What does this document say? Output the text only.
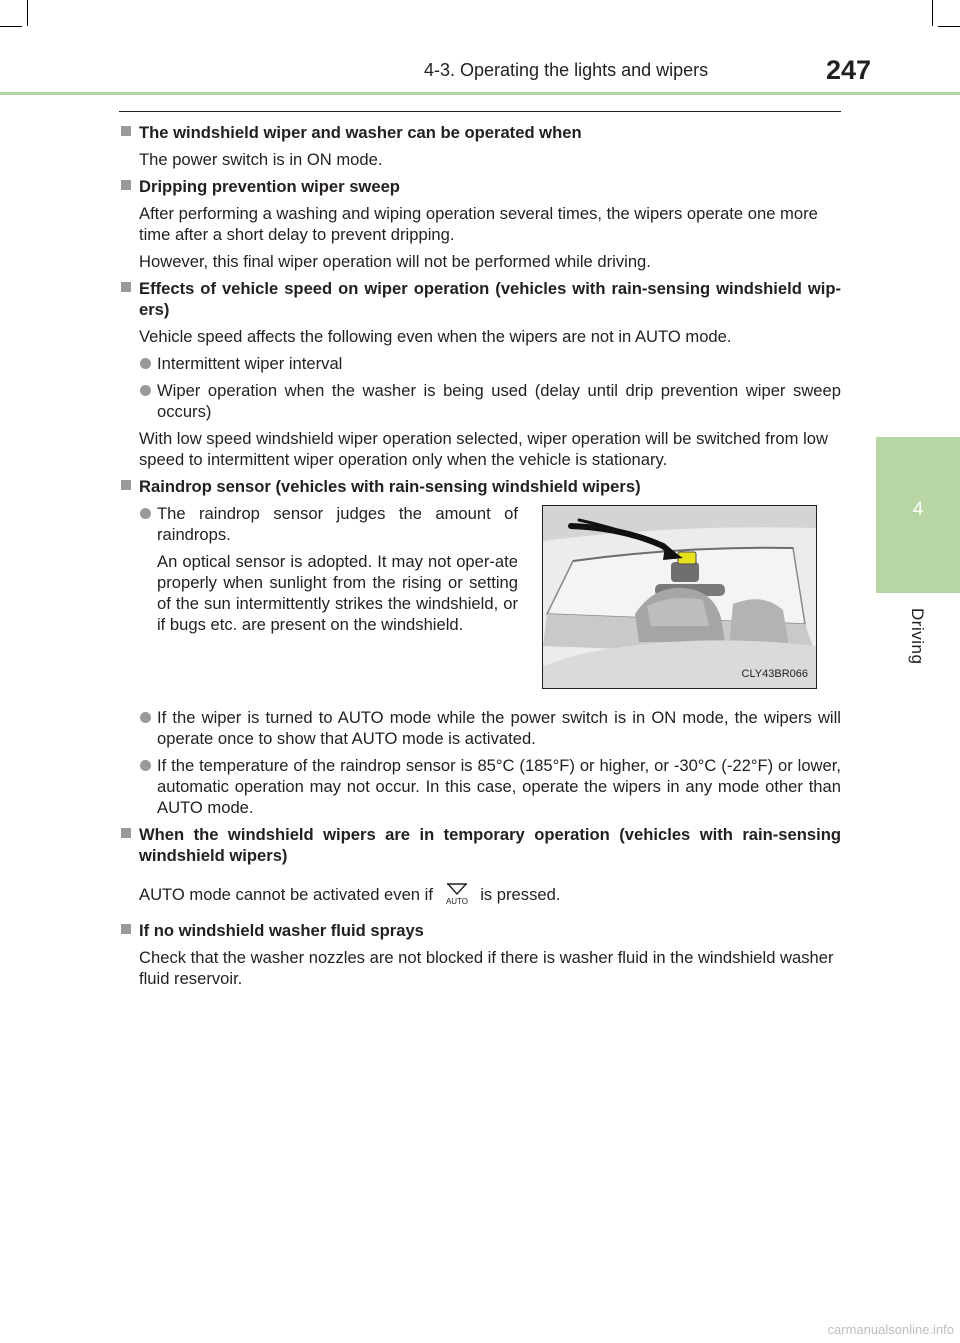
4-3. Operating the lights and wipers	247
4
Driving
The windshield wiper and washer can be operated when
The power switch is in ON mode.
Dripping prevention wiper sweep
After performing a washing and wiping operation several times, the wipers operate one more time after a short delay to prevent dripping.
However, this final wiper operation will not be performed while driving.
Effects of vehicle speed on wiper operation (vehicles with rain-sensing windshield wip-ers)
Vehicle speed affects the following even when the wipers are not in AUTO mode.
Intermittent wiper interval
Wiper operation when the washer is being used (delay until drip prevention wiper sweep occurs)
With low speed windshield wiper operation selected, wiper operation will be switched from low speed to intermittent wiper operation only when the vehicle is stationary.
Raindrop sensor (vehicles with rain-sensing windshield wipers)
The raindrop sensor judges the amount of raindrops.
An optical sensor is adopted. It may not oper-ate properly when sunlight from the rising or setting of the sun intermittently strikes the windshield, or if bugs etc. are present on the windshield.
CLY43BR066
If the wiper is turned to AUTO mode while the power switch is in ON mode, the wipers will operate once to show that AUTO mode is activated.
If the temperature of the raindrop sensor is 85°C (185°F) or higher, or -30°C (-22°F) or lower, automatic operation may not occur. In this case, operate the wipers in any mode other than AUTO mode.
When the windshield wipers are in temporary operation (vehicles with rain-sensing windshield wipers)
AUTO mode cannot be activated even if AUTO is pressed.
If no windshield washer fluid sprays
Check that the washer nozzles are not blocked if there is washer fluid in the windshield washer fluid reservoir.
carmanualsonline.info
